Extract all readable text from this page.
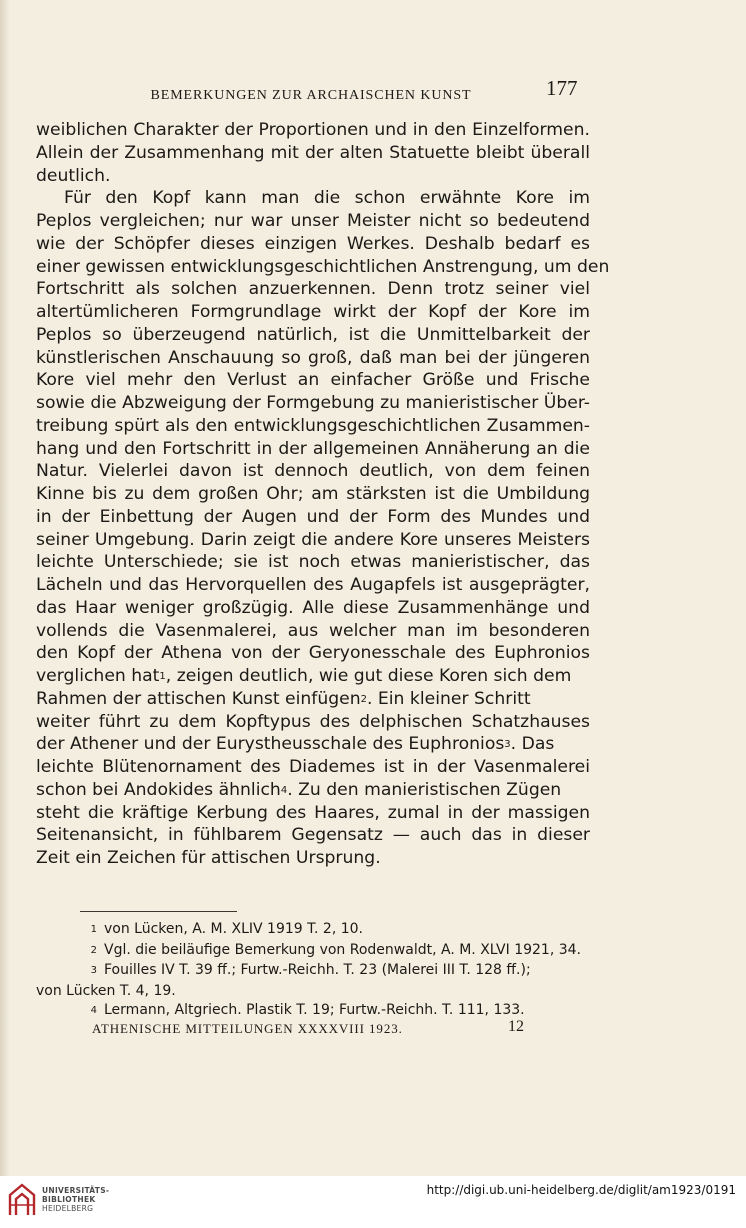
BEMERKUNGEN ZUR ARCHAISCHEN KUNST	177
weiblichen Charakter der Proportionen und in den Einzelformen.
Allein der Zusammenhang mit der alten Statuette bleibt überall
deutlich.
Für den Kopf kann man die schon erwähnte Kore im
Peplos vergleichen; nur war unser Meister nicht so bedeutend
wie der Schöpfer dieses einzigen Werkes. Deshalb bedarf es
einer gewissen entwicklungsgeschichtlichen Anstrengung, um den
Fortschritt als solchen anzuerkennen. Denn trotz seiner viel
altertümlicheren Formgrundlage wirkt der Kopf der Kore im
Peplos so überzeugend natürlich, ist die Unmittelbarkeit der
künstlerischen Anschauung so groß, daß man bei der jüngeren
Kore viel mehr den Verlust an einfacher Größe und Frische
sowie die Abzweigung der Formgebung zu manieristischer Über-
treibung spürt als den entwicklungsgeschichtlichen Zusammen-
hang und den Fortschritt in der allgemeinen Annäherung an die
Natur. Vielerlei davon ist dennoch deutlich, von dem feinen
Kinne bis zu dem großen Ohr; am stärksten ist die Umbildung
in der Einbettung der Augen und der Form des Mundes und
seiner Umgebung. Darin zeigt die andere Kore unseres Meisters
leichte Unterschiede; sie ist noch etwas manieristischer, das
Lächeln und das Hervorquellen des Augapfels ist ausgeprägter,
das Haar weniger großzügig. Alle diese Zusammenhänge und
vollends die Vasenmalerei, aus welcher man im besonderen
den Kopf der Athena von der Geryonesschale des Euphronios
verglichen hat$^1$, zeigen deutlich, wie gut diese Koren sich dem
Rahmen der attischen Kunst einfügen$^2$. Ein kleiner Schritt
weiter führt zu dem Kopftypus des delphischen Schatzhauses
der Athener und der Eurystheusschale des Euphronios$^3$. Das
leichte Blütenornament des Diademes ist in der Vasenmalerei
schon bei Andokides ähnlich$^4$. Zu den manieristischen Zügen
steht die kräftige Kerbung des Haares, zumal in der massigen
Seitenansicht, in fühlbarem Gegensatz — auch das in dieser
Zeit ein Zeichen für attischen Ursprung.
1 von Lücken, A. M. XLIV 1919 T. 2, 10.
2 Vgl. die beiläufige Bemerkung von Rodenwaldt, A. M. XLVI 1921, 34.
3 Fouilles IV T. 39 ff.; Furtw.-Reichh. T. 23 (Malerei III T. 128 ff.);
von Lücken T. 4, 19.
4 Lermann, Altgriech. Plastik T. 19; Furtw.-Reichh. T. 111, 133.
ATHENISCHE MITTEILUNGEN XXXXVIII 1923.	12
UNIVERSITÄTS-
BIBLIOTHEK
HEIDELBERG
http://digi.ub.uni-heidelberg.de/diglit/am1923/0191
